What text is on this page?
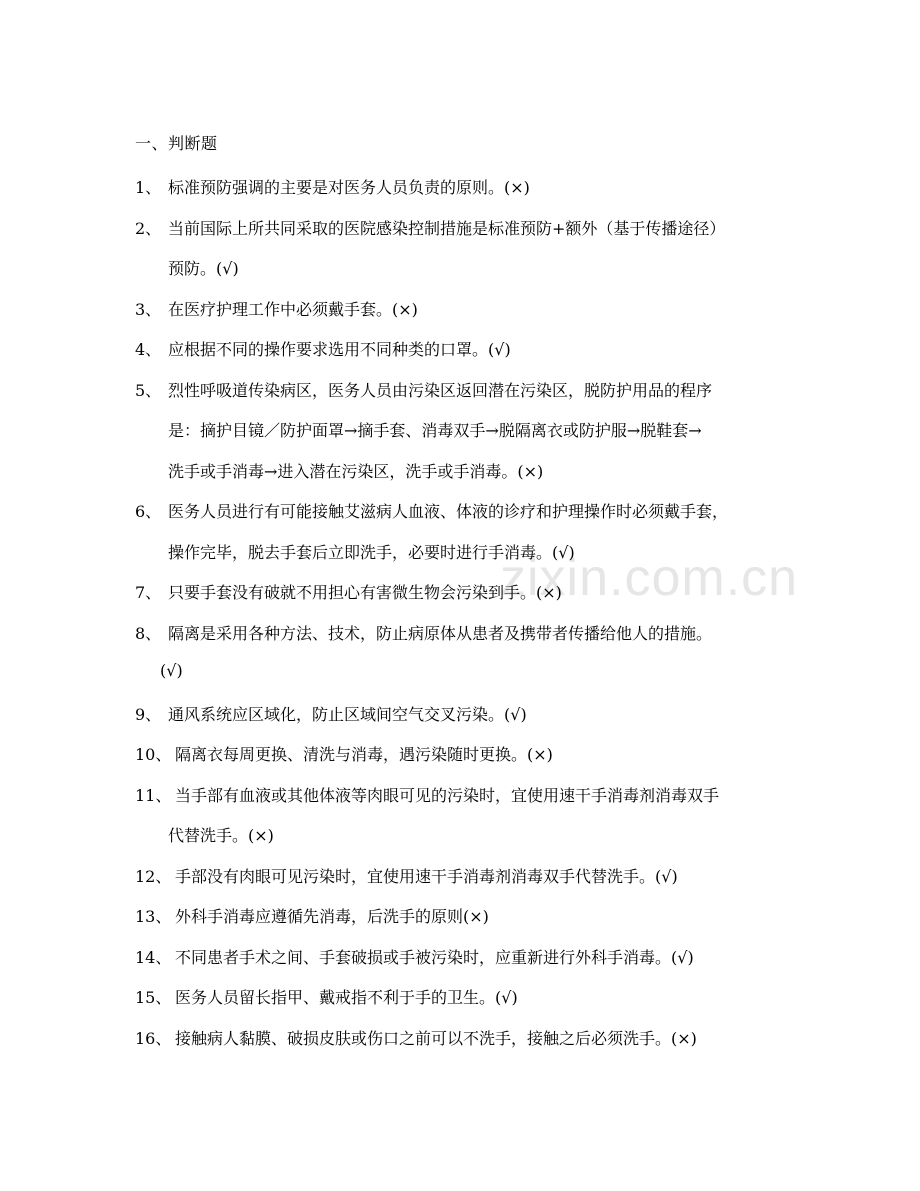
zixin.com.cn
一、判断题
1、 标准预防强调的主要是对医务人员负责的原则。(×)
2、 当前国际上所共同采取的医院感染控制措施是标准预防+额外（基于传播途径）
预防。(√)
3、 在医疗护理工作中必须戴手套。(×)
4、 应根据不同的操作要求选用不同种类的口罩。(√)
5、 烈性呼吸道传染病区，医务人员由污染区返回潜在污染区，脱防护用品的程序
是：摘护目镜／防护面罩→摘手套、消毒双手→脱隔离衣或防护服→脱鞋套→
洗手或手消毒→进入潜在污染区，洗手或手消毒。(×)
6、 医务人员进行有可能接触艾滋病人血液、体液的诊疗和护理操作时必须戴手套，
操作完毕，脱去手套后立即洗手，必要时进行手消毒。(√)
7、 只要手套没有破就不用担心有害微生物会污染到手。(×)
8、 隔离是采用各种方法、技术，防止病原体从患者及携带者传播给他人的措施。
(√)
9、 通风系统应区域化，防止区域间空气交叉污染。(√)
10、 隔离衣每周更换、清洗与消毒，遇污染随时更换。(×)
11、 当手部有血液或其他体液等肉眼可见的污染时，宜使用速干手消毒剂消毒双手
代替洗手。(×)
12、 手部没有肉眼可见污染时，宜使用速干手消毒剂消毒双手代替洗手。(√)
13、 外科手消毒应遵循先消毒，后洗手的原则(×)
14、 不同患者手术之间、手套破损或手被污染时，应重新进行外科手消毒。(√)
15、 医务人员留长指甲、戴戒指不利于手的卫生。(√)
16、 接触病人黏膜、破损皮肤或伤口之前可以不洗手，接触之后必须洗手。(×)
